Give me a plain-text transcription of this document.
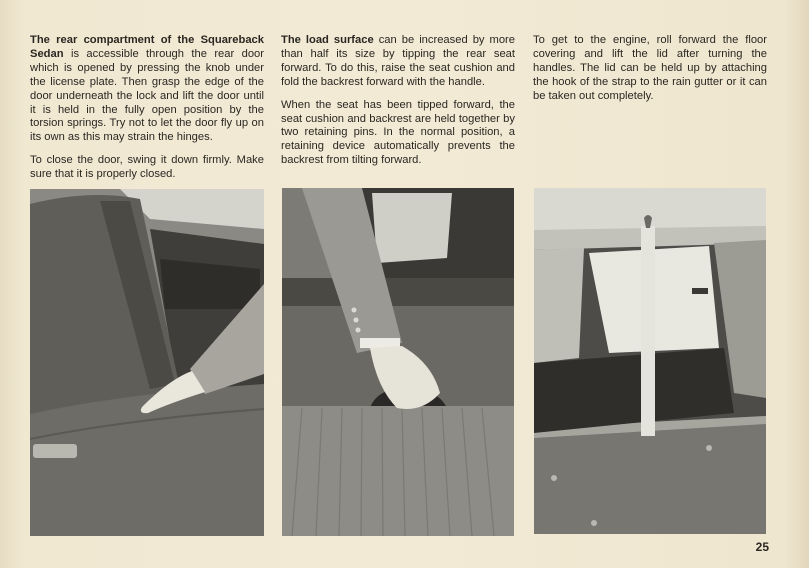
The rear compartment of the Squareback Sedan is accessible through the rear door which is opened by pressing the knob under the license plate. Then grasp the edge of the door underneath the lock and lift the door until it is held in the fully open position by the torsion springs. Try not to let the door fly up on its own as this may strain the hinges.

To close the door, swing it down firmly. Make sure that it is properly closed.

The load surface can be increased by more than half its size by tipping the rear seat forward. To do this, raise the seat cushion and fold the backrest forward with the handle.

When the seat has been tipped forward, the seat cushion and backrest are held together by two retaining pins. In the normal position, a retaining device automatically prevents the backrest from tilting forward.

To get to the engine, roll forward the floor covering and lift the lid after turning the handles. The lid can be held up by attaching the hook of the strap to the rain gutter or it can be taken out completely.

25
